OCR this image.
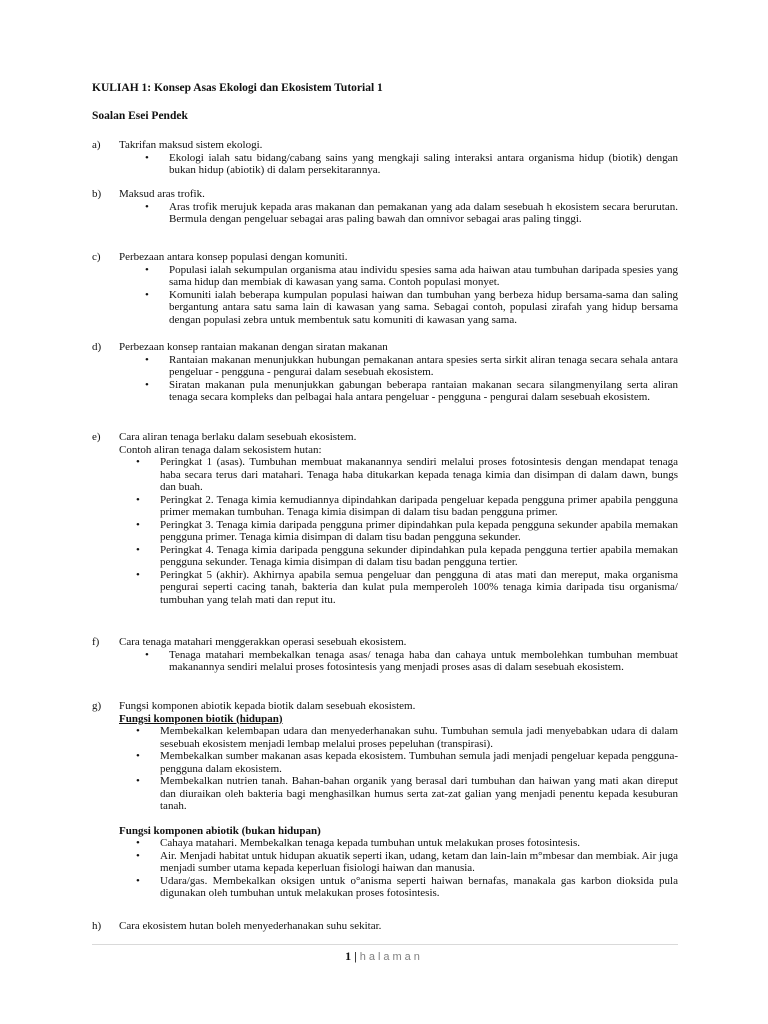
KULIAH 1: Konsep Asas Ekologi dan Ekosistem Tutorial 1
Soalan Esei Pendek
a) Takrifan maksud sistem ekologi.
• Ekologi ialah satu bidang/cabang sains yang mengkaji saling interaksi antara organisma hidup (biotik) dengan bukan hidup (abiotik) di dalam persekitarannya.
b) Maksud aras trofik.
• Aras trofik merujuk kepada aras makanan dan pemakanan yang ada dalam sesebuah h ekosistem secara berurutan. Bermula dengan pengeluar sebagai aras paling bawah dan omnivor sebagai aras paling tinggi.
c) Perbezaan antara konsep populasi dengan komuniti.
• Populasi ialah sekumpulan organisma atau individu spesies sama ada haiwan atau tumbuhan daripada spesies yang sama hidup dan membiak di kawasan yang sama. Contoh populasi monyet.
• Komuniti ialah beberapa kumpulan populasi haiwan dan tumbuhan yang berbeza hidup bersama-sama dan saling bergantung antara satu sama lain di kawasan yang sama. Sebagai contoh, populasi zirafah yang hidup bersama dengan populasi zebra untuk membentuk satu komuniti di kawasan yang sama.
d) Perbezaan konsep rantaian makanan dengan siratan makanan
• Rantaian makanan menunjukkan hubungan pemakanan antara spesies serta sirkit aliran tenaga secara sehala antara pengeluar - pengguna - pengurai dalam sesebuah ekosistem.
• Siratan makanan pula menunjukkan gabungan beberapa rantaian makanan secara silangmenyilang serta aliran tenaga secara kompleks dan pelbagai hala antara pengeluar - pengguna - pengurai dalam sesebuah ekosistem.
e) Cara aliran tenaga berlaku dalam sesebuah ekosistem.
Contoh aliran tenaga dalam sekosistem hutan:
• Peringkat 1 (asas). Tumbuhan membuat makanannya sendiri melalui proses fotosintesis dengan mendapat tenaga haba secara terus dari matahari. Tenaga haba ditukarkan kepada tenaga kimia dan disimpan di dalam dawn, bungs dan buah.
• Peringkat 2. Tenaga kimia kemudiannya dipindahkan daripada pengeluar kepada pengguna primer apabila pengguna primer memakan tumbuhan. Tenaga kimia disimpan di dalam tisu badan pengguna primer.
• Peringkat 3. Tenaga kimia daripada pengguna primer dipindahkan pula kepada pengguna sekunder apabila memakan pengguna primer. Tenaga kimia disimpan di dalam tisu badan pengguna sekunder.
• Peringkat 4. Tenaga kimia daripada pengguna sekunder dipindahkan pula kepada pengguna tertier apabila memakan pengguna sekunder. Tenaga kimia disimpan di dalam tisu badan pengguna tertier.
• Peringkat 5 (akhir). Akhirnya apabila semua pengeluar dan pengguna di atas mati dan mereput, maka organisma pengurai seperti cacing tanah, bakteria dan kulat pula memperoleh 100% tenaga kimia daripada tisu organisma/ tumbuhan yang telah mati dan reput itu.
f) Cara tenaga matahari menggerakkan operasi sesebuah ekosistem.
• Tenaga matahari membekalkan tenaga asas/ tenaga haba dan cahaya untuk membolehkan tumbuhan membuat makanannya sendiri melalui proses fotosintesis yang menjadi proses asas di dalam sesebuah ekosistem.
g) Fungsi komponen abiotik kepada biotik dalam sesebuah ekosistem.
Fungsi komponen biotik (hidupan)
• Membekalkan kelembapan udara dan menyederhanakan suhu. Tumbuhan semula jadi menyebabkan udara di dalam sesebuah ekosistem menjadi lembap melalui proses pepeluhan (transpirasi).
• Membekalkan sumber makanan asas kepada ekosistem. Tumbuhan semula jadi menjadi pengeluar kepada pengguna-pengguna dalam ekosistem.
• Membekalkan nutrien tanah. Bahan-bahan organik yang berasal dari tumbuhan dan haiwan yang mati akan direput dan diuraikan oleh bakteria bagi menghasilkan humus serta zat-zat galian yang menjadi penentu kepada kesuburan tanah.
Fungsi komponen abiotik (bukan hidupan)
• Cahaya matahari. Membekalkan tenaga kepada tumbuhan untuk melakukan proses fotosintesis.
• Air. Menjadi habitat untuk hidupan akuatik seperti ikan, udang, ketam dan lain-lain m°mbesar dan membiak. Air juga menjadi sumber utama kepada keperluan fisiologi haiwan dan manusia.
• Udara/gas. Membekalkan oksigen untuk o°anisma seperti haiwan bernafas, manakala gas karbon dioksida pula digunakan oleh tumbuhan untuk melakukan proses fotosintesis.
h) Cara ekosistem hutan boleh menyederhanakan suhu sekitar.
1 | halaman
